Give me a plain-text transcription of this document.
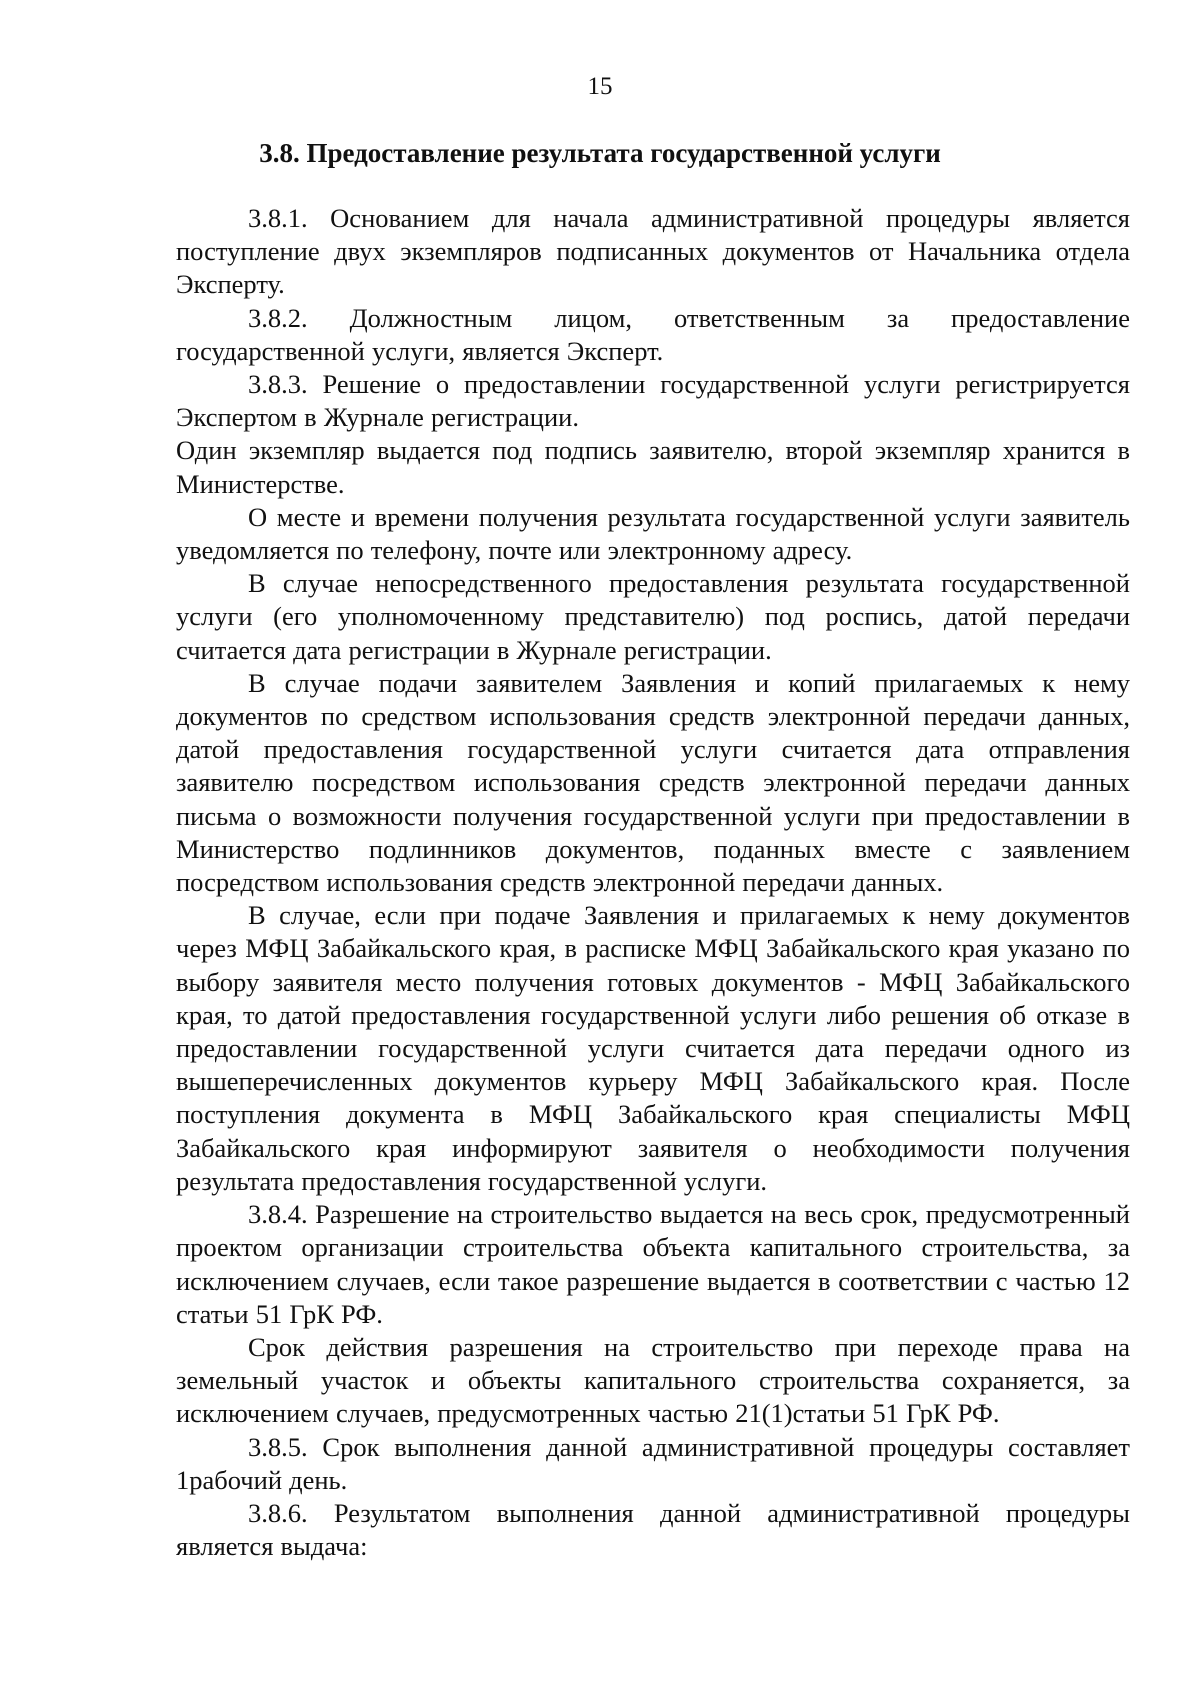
15
3.8. Предоставление результата государственной услуги

3.8.1. Основанием для начала административной процедуры является поступление двух экземпляров подписанных документов от Начальника отдела Эксперту.

3.8.2. Должностным лицом, ответственным за предоставление государственной услуги, является Эксперт.

3.8.3. Решение о предоставлении государственной услуги регистрируется Экспертом в Журнале регистрации.

Один экземпляр выдается под подпись заявителю, второй экземпляр хранится в Министерстве.

О месте и времени получения результата государственной услуги заявитель уведомляется по телефону, почте или электронному адресу.

В случае непосредственного предоставления результата государственной услуги (его уполномоченному представителю) под роспись, датой передачи считается дата регистрации в Журнале регистрации.

В случае подачи заявителем Заявления и копий прилагаемых к нему документов по средством использования средств электронной передачи данных, датой предоставления государственной услуги считается дата отправления заявителю посредством использования средств электронной передачи данных письма о возможности получения государственной услуги при предоставлении в Министерство подлинников документов, поданных вместе с заявлением посредством использования средств электронной передачи данных.

В случае, если при подаче Заявления и прилагаемых к нему документов через МФЦ Забайкальского края, в расписке МФЦ Забайкальского края указано по выбору заявителя место получения готовых документов - МФЦ Забайкальского края, то датой предоставления государственной услуги либо решения об отказе в предоставлении государственной услуги считается дата передачи одного из вышеперечисленных документов курьеру МФЦ Забайкальского края. После поступления документа в МФЦ Забайкальского края специалисты МФЦ Забайкальского края информируют заявителя о необходимости получения результата предоставления государственной услуги.

3.8.4. Разрешение на строительство выдается на весь срок, предусмотренный проектом организации строительства объекта капитального строительства, за исключением случаев, если такое разрешение выдается в соответствии с частью 12 статьи 51 ГрК РФ.

Срок действия разрешения на строительство при переходе права на земельный участок и объекты капитального строительства сохраняется, за исключением случаев, предусмотренных частью 21(1)статьи 51 ГрК РФ.

3.8.5. Срок выполнения данной административной процедуры составляет 1рабочий день.

3.8.6. Результатом выполнения данной административной процедуры является выдача:
